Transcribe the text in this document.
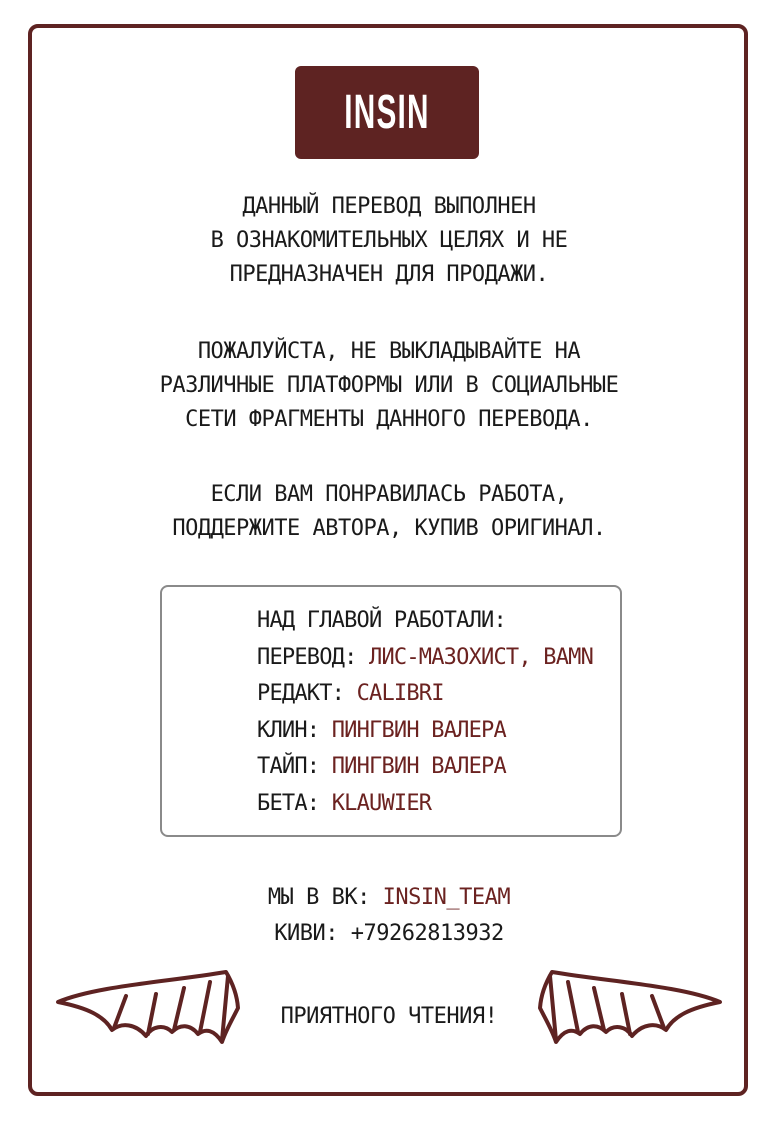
INSIN
ДАННЫЙ ПЕРЕВОД ВЫПОЛНЕН
В ОЗНАКОМИТЕЛЬНЫХ ЦЕЛЯХ И НЕ
ПРЕДНАЗНАЧЕН ДЛЯ ПРОДАЖИ.
ПОЖАЛУЙСТА, НЕ ВЫКЛАДЫВАЙТЕ НА
РАЗЛИЧНЫЕ ПЛАТФОРМЫ ИЛИ В СОЦИАЛЬНЫЕ
СЕТИ ФРАГМЕНТЫ ДАННОГО ПЕРЕВОДА.
ЕСЛИ ВАМ ПОНРАВИЛАСЬ РАБОТА,
ПОДДЕРЖИТЕ АВТОРА, КУПИВ ОРИГИНАЛ.
НАД ГЛАВОЙ РАБОТАЛИ:
ПЕРЕВОД: ЛИС-МАЗОХИСТ, BAMN
РЕДАКТ: CALIBRI
КЛИН: ПИНГВИН ВАЛЕРА
ТАЙП: ПИНГВИН ВАЛЕРА
БЕТА: KLAUWIER
МЫ В ВК: INSIN_TEAM
КИВИ: +79262813932
ПРИЯТНОГО ЧТЕНИЯ!
